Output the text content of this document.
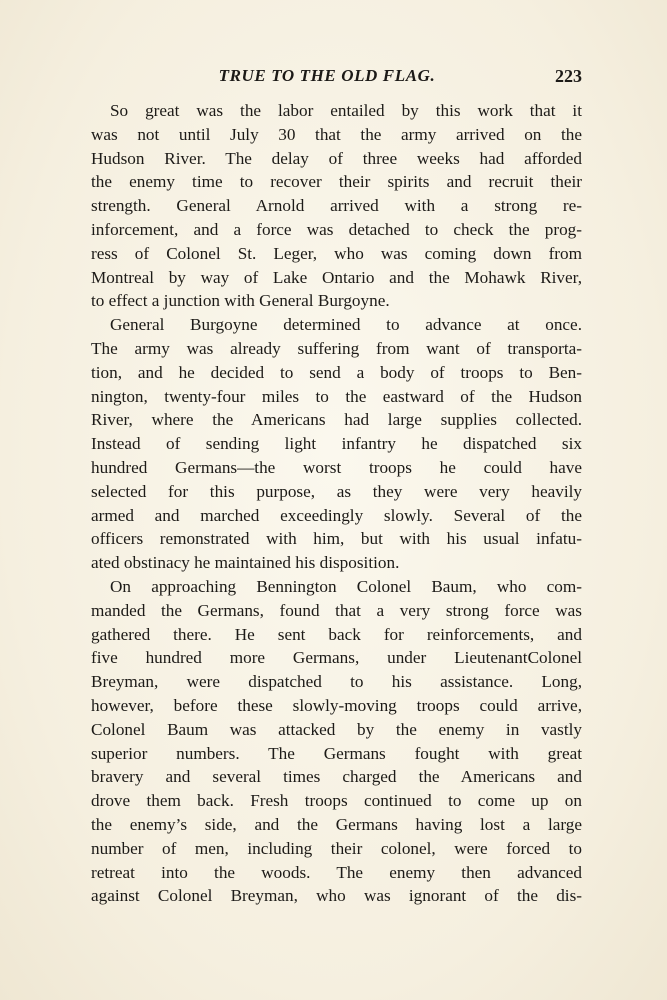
TRUE TO THE OLD FLAG.	223

So great was the labor entailed by this work that it
was not until July 30 that the army arrived on the
Hudson River. The delay of three weeks had afforded
the enemy time to recover their spirits and recruit their
strength. General Arnold arrived with a strong re-
inforcement, and a force was detached to check the prog-
ress of Colonel St. Leger, who was coming down from
Montreal by way of Lake Ontario and the Mohawk River,
to effect a junction with General Burgoyne.

General Burgoyne determined to advance at once.
The army was already suffering from want of transporta-
tion, and he decided to send a body of troops to Ben-
nington, twenty-four miles to the eastward of the Hudson
River, where the Americans had large supplies collected.
Instead of sending light infantry he dispatched six
hundred Germans—the worst troops he could have
selected for this purpose, as they were very heavily
armed and marched exceedingly slowly. Several of the
officers remonstrated with him, but with his usual infatu-
ated obstinacy he maintained his disposition.

On approaching Bennington Colonel Baum, who com-
manded the Germans, found that a very strong force was
gathered there. He sent back for reinforcements, and
five hundred more Germans, under LieutenantColonel
Breyman, were dispatched to his assistance. Long,
however, before these slowly-moving troops could arrive,
Colonel Baum was attacked by the enemy in vastly
superior numbers. The Germans fought with great
bravery and several times charged the Americans and
drove them back. Fresh troops continued to come up on
the enemy’s side, and the Germans having lost a large
number of men, including their colonel, were forced to
retreat into the woods. The enemy then advanced
against Colonel Breyman, who was ignorant of the dis-
